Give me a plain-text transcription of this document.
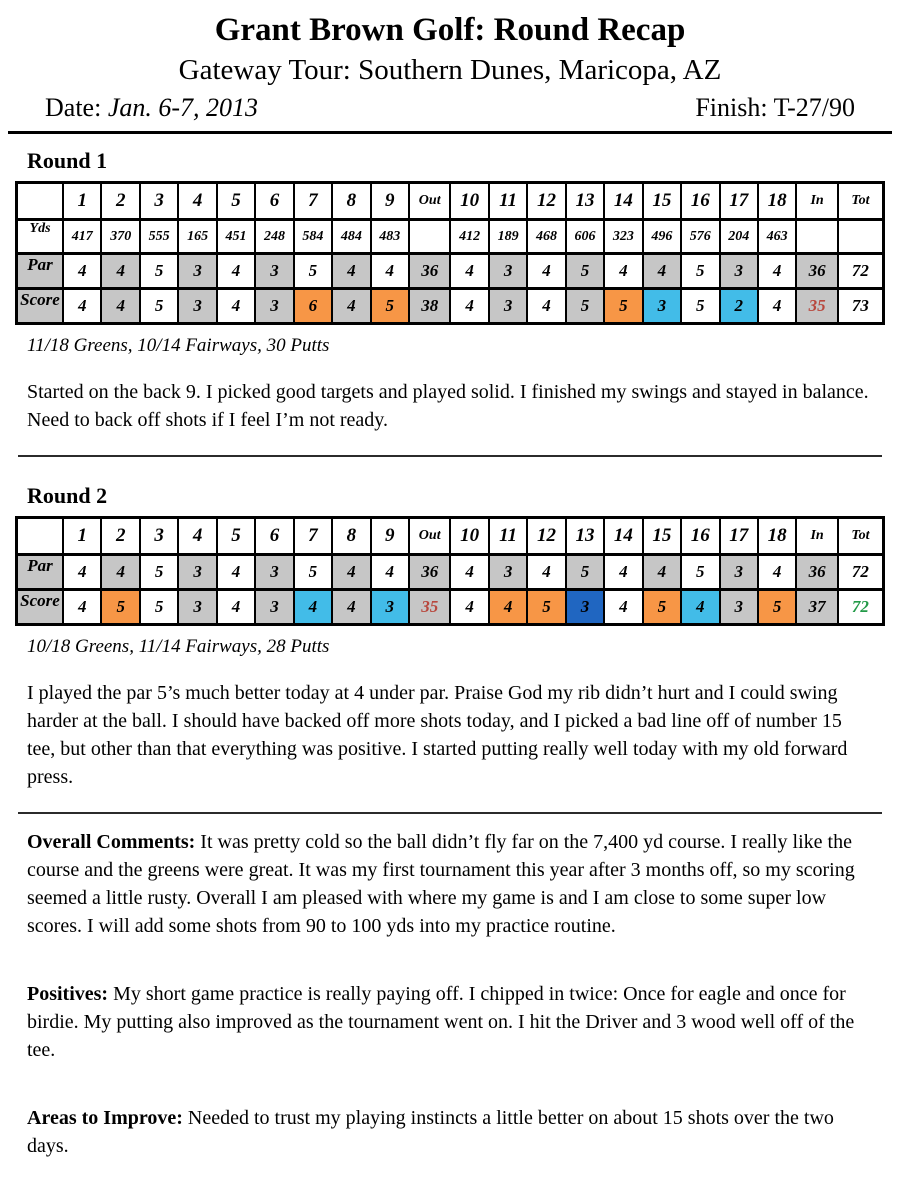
Grant Brown Golf: Round Recap
Gateway Tour: Southern Dunes, Maricopa, AZ
Date: Jan. 6-7, 2013	Finish: T-27/90
Round 1
	1	2	3	4	5	6	7	8	9	Out	10	11	12	13	14	15	16	17	18	In	Tot
Yds	417	370	555	165	451	248	584	484	483		412	189	468	606	323	496	576	204	463		
Par	4	4	5	3	4	3	5	4	4	36	4	3	4	5	4	4	5	3	4	36	72
Score	4	4	5	3	4	3	6	4	5	38	4	3	4	5	5	3	5	2	4	35	73

11/18 Greens, 10/14 Fairways, 30 Putts

Started on the back 9. I picked good targets and played solid. I finished my swings and stayed in balance. Need to back off shots if I feel I’m not ready.

Round 2
	1	2	3	4	5	6	7	8	9	Out	10	11	12	13	14	15	16	17	18	In	Tot
Par	4	4	5	3	4	3	5	4	4	36	4	3	4	5	4	4	5	3	4	36	72
Score	4	5	5	3	4	3	4	4	3	35	4	4	5	3	4	5	4	3	5	37	72

10/18 Greens, 11/14 Fairways, 28 Putts

I played the par 5’s much better today at 4 under par. Praise God my rib didn’t hurt and I could swing harder at the ball. I should have backed off more shots today, and I picked a bad line off of number 15 tee, but other than that everything was positive. I started putting really well today with my old forward press.

Overall Comments: It was pretty cold so the ball didn’t fly far on the 7,400 yd course. I really like the course and the greens were great. It was my first tournament this year after 3 months off, so my scoring seemed a little rusty. Overall I am pleased with where my game is and I am close to some super low scores. I will add some shots from 90 to 100 yds into my practice routine.

Positives: My short game practice is really paying off. I chipped in twice: Once for eagle and once for birdie. My putting also improved as the tournament went on. I hit the Driver and 3 wood well off of the tee.

Areas to Improve: Needed to trust my playing instincts a little better on about 15 shots over the two days.
